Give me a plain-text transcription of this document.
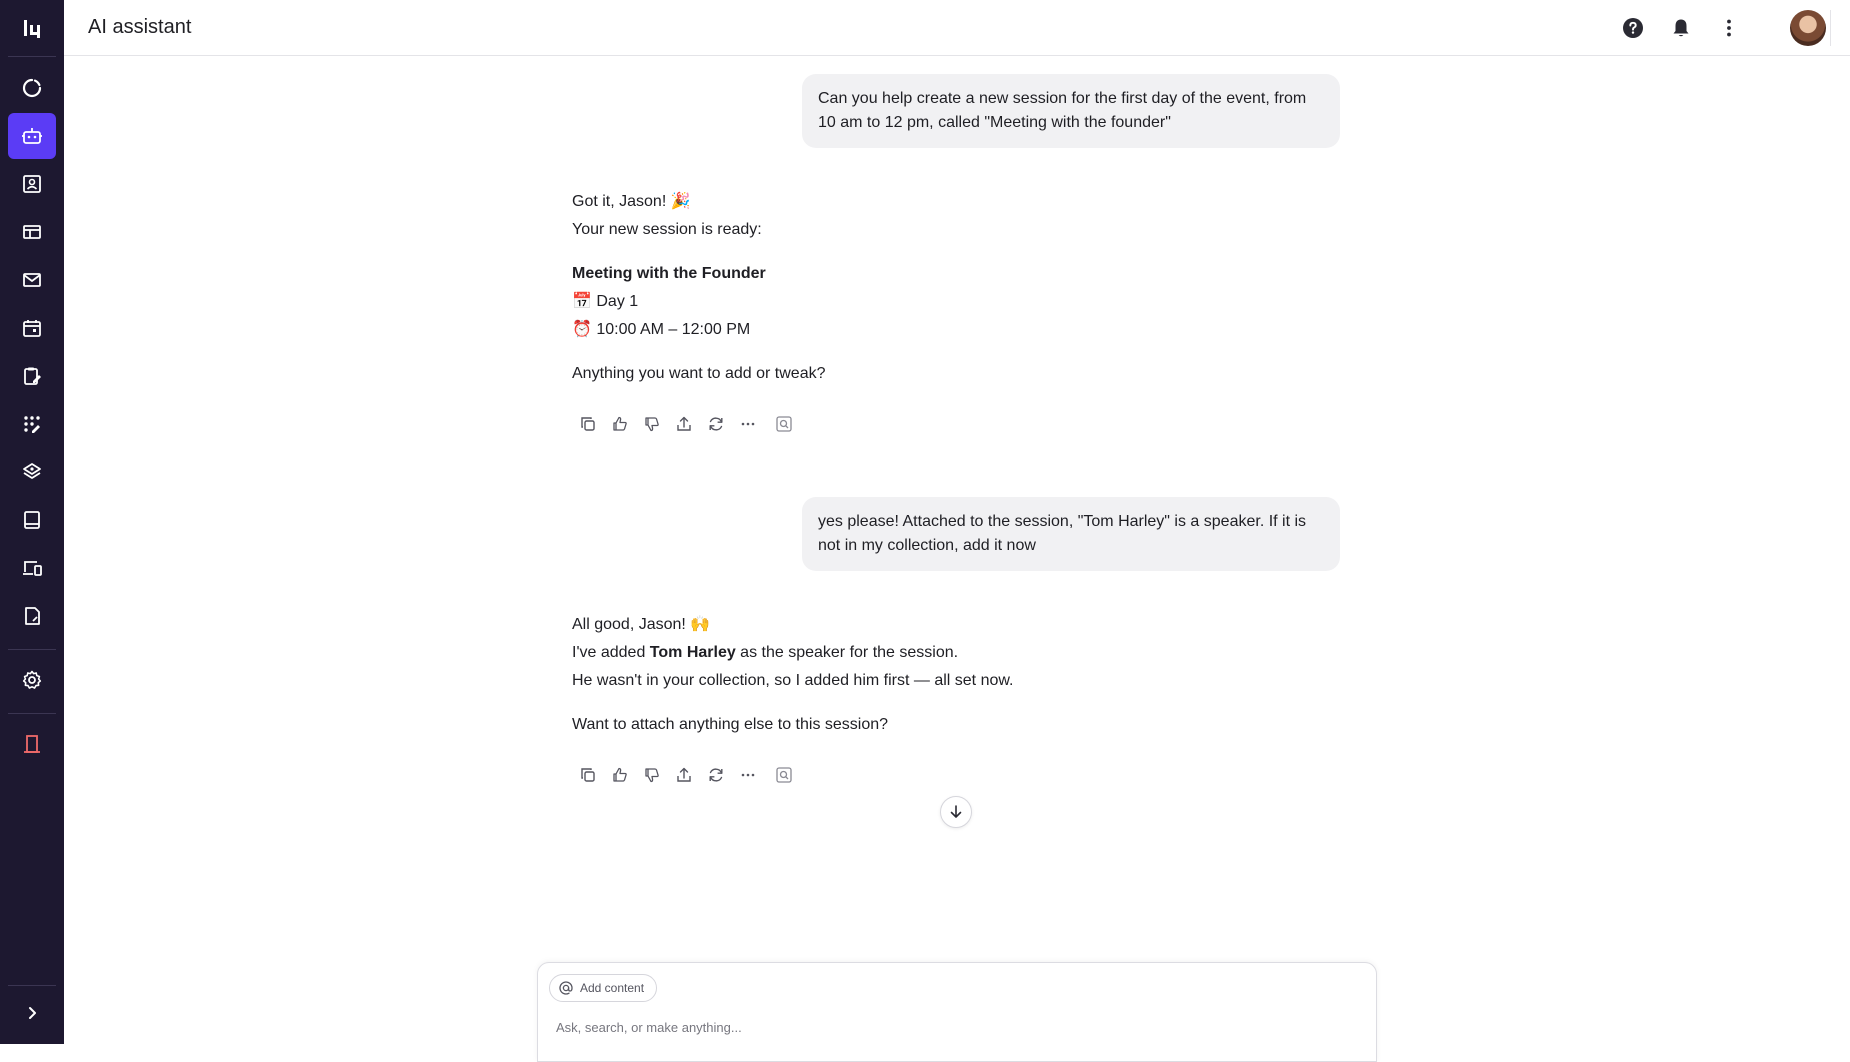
AI assistant
Can you help create a new session for the first day of the event, from 10 am to 12 pm, called "Meeting with the founder"

Got it, Jason! 🎉

Your new session is ready:

Meeting with the Founder

📅 Day 1

⏰ 10:00 AM – 12:00 PM

Anything you want to add or tweak?

yes please! Attached to the session, "Tom Harley" is a speaker. If it is not in my collection, add it now

All good, Jason! 🙌

I've added Tom Harley as the speaker for the session.

He wasn't in your collection, so I added him first — all set now.

Want to attach anything else to this session?

Add content
Ask, search, or make anything...
